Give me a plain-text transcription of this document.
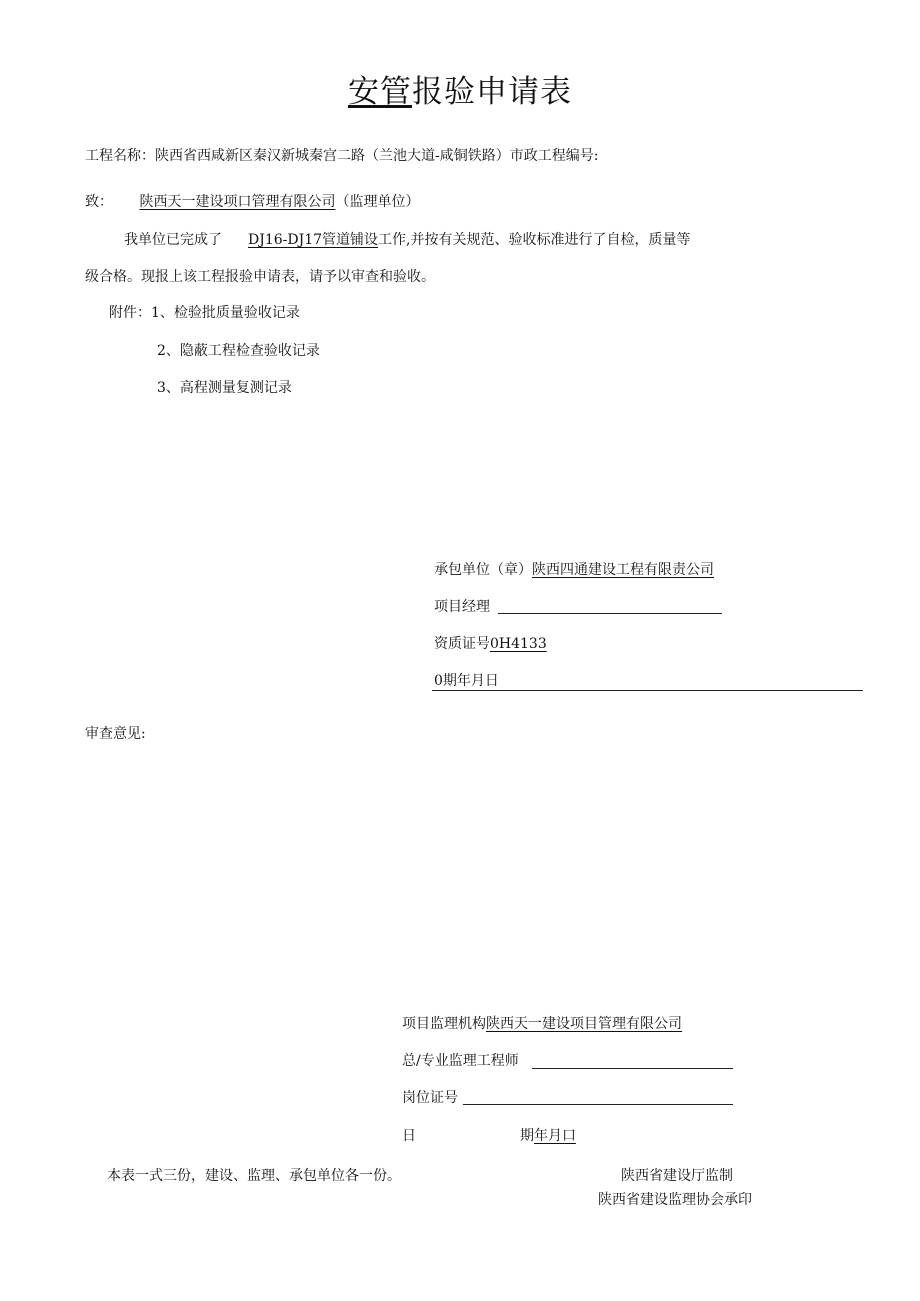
安管报验申请表
工程名称：陕西省西咸新区秦汉新城秦宫二路（兰池大道-咸铜铁路）市政工程编号:
致： 陕西天一建设项口管理有限公司（监理单位）
我单位已完成了 DJ16-DJ17管道铺设工作,并按有关规范、验收标准进行了自检，质量等
级合格。现报上该工程报验申请表，请予以审查和验收。
附件：1、检验批质量验收记录
2、隐蔽工程检查验收记录
3、高程测量复测记录
承包单位（章）陕西四通建设工程有限责公司
项目经理
资质证号0H4133
0期年月日
审查意见:
项目监理机构陕西天一建设项目管理有限公司
总/专业监理工程师
岗位证号
日	期年月口
本表一式三份，建设、监理、承包单位各一份。	陕西省建设厅监制
陕西省建设监理协会承印
